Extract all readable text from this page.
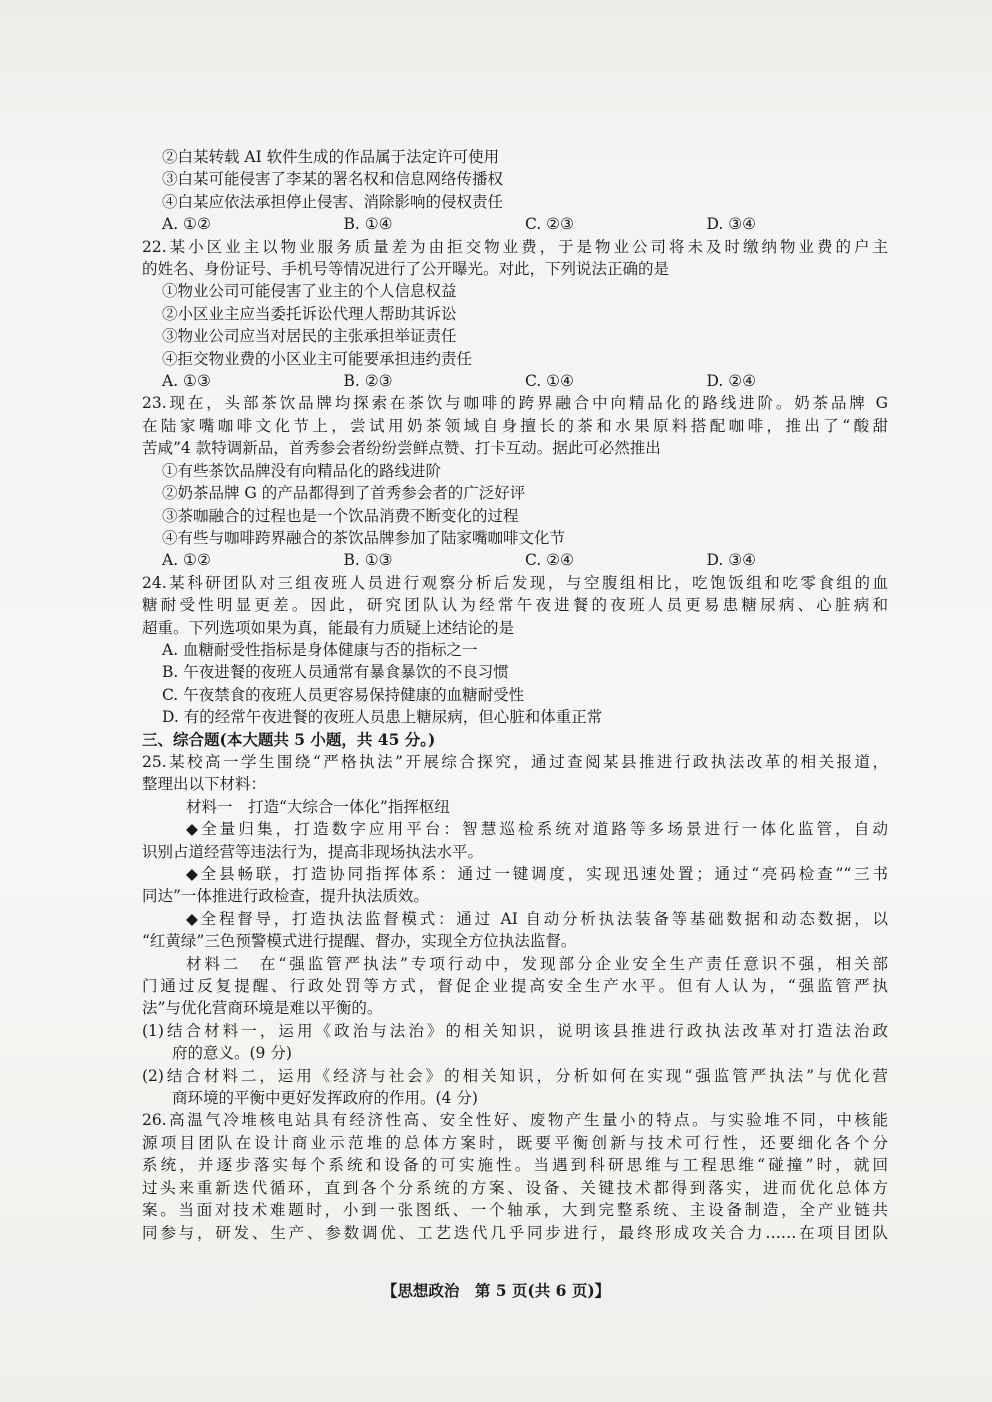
②白某转载 AI 软件生成的作品属于法定许可使用
③白某可能侵害了李某的署名权和信息网络传播权
④白某应依法承担停止侵害、消除影响的侵权责任
A. ①②	B. ①④	C. ②③	D. ③④
22.某小区业主以物业服务质量差为由拒交物业费，于是物业公司将未及时缴纳物业费的户主
的姓名、身份证号、手机号等情况进行了公开曝光。对此，下列说法正确的是
①物业公司可能侵害了业主的个人信息权益
②小区业主应当委托诉讼代理人帮助其诉讼
③物业公司应当对居民的主张承担举证责任
④拒交物业费的小区业主可能要承担违约责任
A. ①③	B. ②③	C. ①④	D. ②④
23.现在，头部茶饮品牌均探索在茶饮与咖啡的跨界融合中向精品化的路线进阶。奶茶品牌 G
在陆家嘴咖啡文化节上，尝试用奶茶领域自身擅长的茶和水果原料搭配咖啡，推出了“酸甜
苦咸”4 款特调新品，首秀参会者纷纷尝鲜点赞、打卡互动。据此可必然推出
①有些茶饮品牌没有向精品化的路线进阶
②奶茶品牌 G 的产品都得到了首秀参会者的广泛好评
③茶咖融合的过程也是一个饮品消费不断变化的过程
④有些与咖啡跨界融合的茶饮品牌参加了陆家嘴咖啡文化节
A. ①②	B. ①③	C. ②④	D. ③④
24.某科研团队对三组夜班人员进行观察分析后发现，与空腹组相比，吃饱饭组和吃零食组的血
糖耐受性明显更差。因此，研究团队认为经常午夜进餐的夜班人员更易患糖尿病、心脏病和
超重。下列选项如果为真，能最有力质疑上述结论的是
A. 血糖耐受性指标是身体健康与否的指标之一
B. 午夜进餐的夜班人员通常有暴食暴饮的不良习惯
C. 午夜禁食的夜班人员更容易保持健康的血糖耐受性
D. 有的经常午夜进餐的夜班人员患上糖尿病，但心脏和体重正常
三、综合题(本大题共 5 小题，共 45 分。)
25.某校高一学生围绕“严格执法”开展综合探究，通过查阅某县推进行政执法改革的相关报道，
整理出以下材料：
材料一　打造“大综合一体化”指挥枢纽
◆全量归集，打造数字应用平台：智慧巡检系统对道路等多场景进行一体化监管，自动
识别占道经营等违法行为，提高非现场执法水平。
◆全县畅联，打造协同指挥体系：通过一键调度，实现迅速处置；通过“亮码检查”“三书
同达”一体推进行政检查，提升执法质效。
◆全程督导，打造执法监督模式：通过 AI 自动分析执法装备等基础数据和动态数据，以
“红黄绿”三色预警模式进行提醒、督办，实现全方位执法监督。
材料二　在“强监管严执法”专项行动中，发现部分企业安全生产责任意识不强，相关部
门通过反复提醒、行政处罚等方式，督促企业提高安全生产水平。但有人认为，“强监管严执
法”与优化营商环境是难以平衡的。
(1)结合材料一，运用《政治与法治》的相关知识，说明该县推进行政执法改革对打造法治政
府的意义。(9 分)
(2)结合材料二，运用《经济与社会》的相关知识，分析如何在实现“强监管严执法”与优化营
商环境的平衡中更好发挥政府的作用。(4 分)
26.高温气冷堆核电站具有经济性高、安全性好、废物产生量小的特点。与实验堆不同，中核能
源项目团队在设计商业示范堆的总体方案时，既要平衡创新与技术可行性，还要细化各个分
系统，并逐步落实每个系统和设备的可实施性。当遇到科研思维与工程思维“碰撞”时，就回
过头来重新迭代循环，直到各个分系统的方案、设备、关键技术都得到落实，进而优化总体方
案。当面对技术难题时，小到一张图纸、一个轴承，大到完整系统、主设备制造，全产业链共
同参与，研发、生产、参数调优、工艺迭代几乎同步进行，最终形成攻关合力……在项目团队
【思想政治　第 5 页(共 6 页)】
